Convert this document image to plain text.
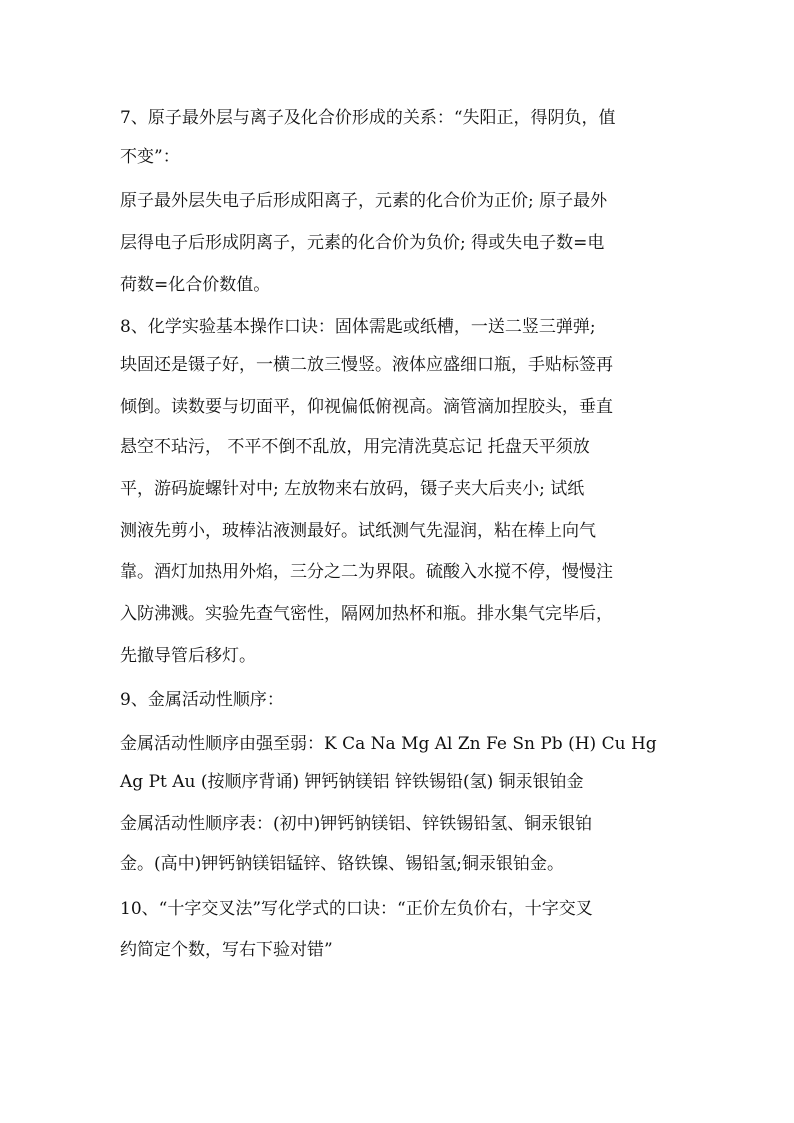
7、原子最外层与离子及化合价形成的关系：“失阳正，得阴负，值
不变”：
原子最外层失电子后形成阳离子，元素的化合价为正价; 原子最外
层得电子后形成阴离子，元素的化合价为负价; 得或失电子数=电
荷数=化合价数值。
8、化学实验基本操作口诀：固体需匙或纸槽，一送二竖三弹弹;
块固还是镊子好，一横二放三慢竖。液体应盛细口瓶，手贴标签再
倾倒。读数要与切面平，仰视偏低俯视高。滴管滴加捏胶头，垂直
悬空不玷污， 不平不倒不乱放，用完清洗莫忘记 托盘天平须放
平，游码旋螺针对中; 左放物来右放码，镊子夹大后夹小; 试纸
测液先剪小，玻棒沾液测最好。试纸测气先湿润，粘在棒上向气
靠。酒灯加热用外焰，三分之二为界限。硫酸入水搅不停，慢慢注
入防沸溅。实验先查气密性，隔网加热杯和瓶。排水集气完毕后，
先撤导管后移灯。
9、金属活动性顺序：
金属活动性顺序由强至弱：K Ca Na Mg Al Zn Fe Sn Pb (H) Cu Hg
Ag Pt Au (按顺序背诵) 钾钙钠镁铝 锌铁锡铅(氢) 铜汞银铂金
金属活动性顺序表：(初中)钾钙钠镁铝、锌铁锡铅氢、铜汞银铂
金。(高中)钾钙钠镁铝锰锌、铬铁镍、锡铅氢;铜汞银铂金。
10、“十字交叉法”写化学式的口诀：“正价左负价右，十字交叉
约简定个数，写右下验对错”
